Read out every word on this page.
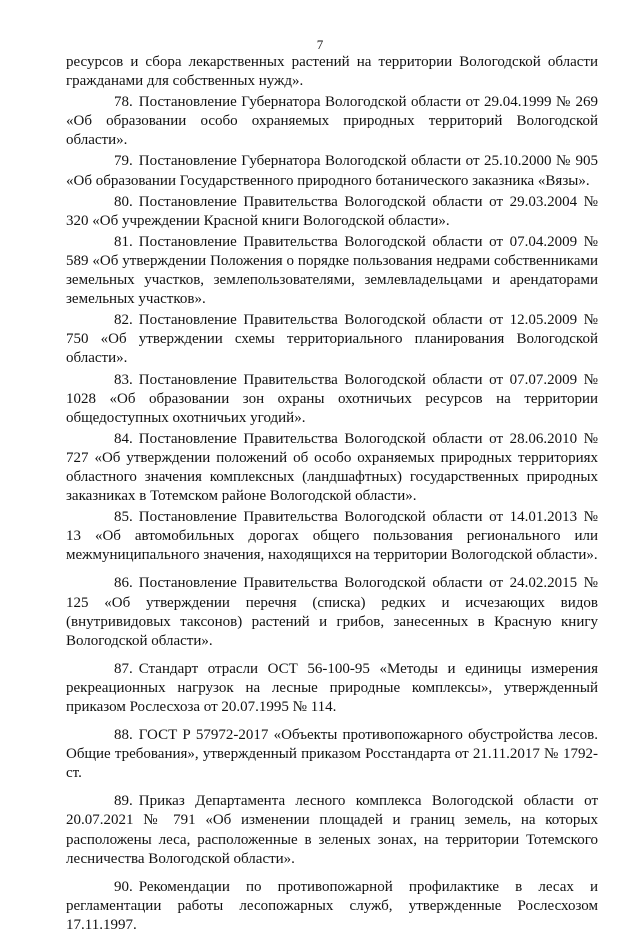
7

ресурсов и сбора лекарственных растений на территории Вологодской области гражданами для собственных нужд».

78. Постановление Губернатора Вологодской области от 29.04.1999 № 269 «Об образовании особо охраняемых природных территорий Вологодской области».

79. Постановление Губернатора Вологодской области от 25.10.2000 № 905 «Об образовании Государственного природного ботанического заказника «Вязы».

80. Постановление Правительства Вологодской области от 29.03.2004 № 320 «Об учреждении Красной книги Вологодской области».

81. Постановление Правительства Вологодской области от 07.04.2009 № 589 «Об утверждении Положения о порядке пользования недрами собственниками земельных участков, землепользователями, землевладельцами и арендаторами земельных участков».

82. Постановление Правительства Вологодской области от 12.05.2009 № 750 «Об утверждении схемы территориального планирования Вологодской области».

83. Постановление Правительства Вологодской области от 07.07.2009 № 1028 «Об образовании зон охраны охотничьих ресурсов на территории общедоступных охотничьих угодий».

84. Постановление Правительства Вологодской области от 28.06.2010 № 727 «Об утверждении положений об особо охраняемых природных территориях областного значения комплексных (ландшафтных) государственных природных заказниках в Тотемском районе Вологодской области».

85. Постановление Правительства Вологодской области от 14.01.2013 № 13 «Об автомобильных дорогах общего пользования регионального или межмуниципального значения, находящихся на территории Вологодской области».

86. Постановление Правительства Вологодской области от 24.02.2015 № 125 «Об утверждении перечня (списка) редких и исчезающих видов (внутривидовых таксонов) растений и грибов, занесенных в Красную книгу Вологодской области».

87. Стандарт отрасли ОСТ 56-100-95 «Методы и единицы измерения рекреационных нагрузок на лесные природные комплексы», утвержденный приказом Рослесхоза от 20.07.1995 № 114.

88. ГОСТ Р 57972-2017 «Объекты противопожарного обустройства лесов. Общие требования», утвержденный приказом Росстандарта от 21.11.2017 № 1792-ст.

89. Приказ Департамента лесного комплекса Вологодской области от 20.07.2021 № 791 «Об изменении площадей и границ земель, на которых расположены леса, расположенные в зеленых зонах, на территории Тотемского лесничества Вологодской области».

90. Рекомендации по противопожарной профилактике в лесах и регламентации работы лесопожарных служб, утвержденные Рослесхозом 17.11.1997.
